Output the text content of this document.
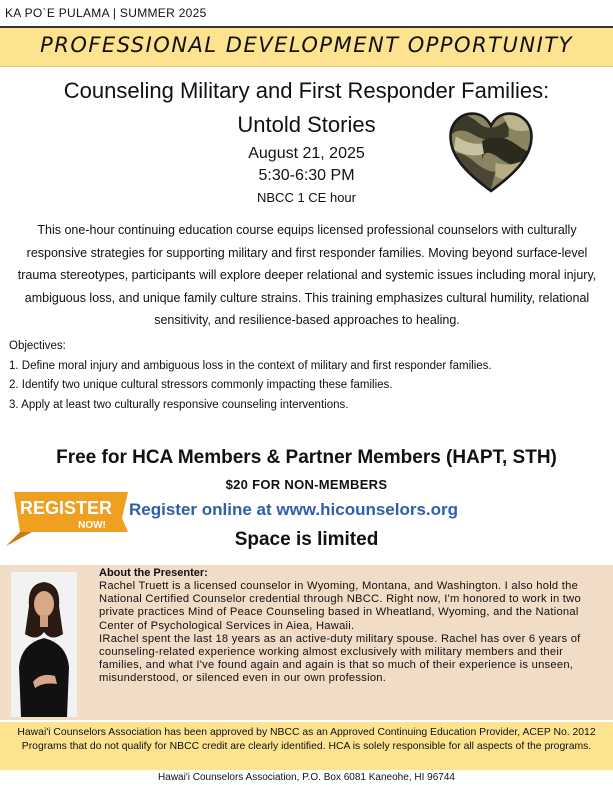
KA PO`E PULAMA | SUMMER 2025
PROFESSIONAL DEVELOPMENT OPPORTUNITY
Counseling Military and First Responder Families:
Untold Stories
August 21, 2025
5:30-6:30 PM
NBCC 1 CE hour
This one-hour continuing education course equips licensed professional counselors with culturally responsive strategies for supporting military and first responder families. Moving beyond surface-level trauma stereotypes, participants will explore deeper relational and systemic issues including moral injury, ambiguous loss, and unique family culture strains. This training emphasizes cultural humility, relational sensitivity, and resilience-based approaches to healing.
Objectives:
1. Define moral injury and ambiguous loss in the context of military and first responder families.
2. Identify two unique cultural stressors commonly impacting these families.
3. Apply at least two culturally responsive counseling interventions.
Free for HCA Members & Partner Members (HAPT, STH)
$20 FOR NON-MEMBERS
REGISTER
NOW!
Register online at www.hicounselors.org
Space is limited
About the Presenter:

Rachel Truett is a licensed counselor in Wyoming, Montana, and Washington. I also hold the National Certified Counselor credential through NBCC. Right now, I'm honored to work in two private practices Mind of Peace Counseling based in Wheatland, Wyoming, and the National Center of Psychological Services in Aiea, Hawaii.

IRachel spent the last 18 years as an active-duty military spouse. Rachel has over 6 years of counseling-related experience working almost exclusively with military members and their families, and what I've found again and again is that so much of their experience is unseen, misunderstood, or silenced even in our own profession.

Hawai'i Counselors Association has been approved by NBCC as an Approved Continuing Education Provider, ACEP No. 2012 Programs that do not qualify for NBCC credit are clearly identified. HCA is solely responsible for all aspects of the programs.
Hawai'i Counselors Association, P.O. Box 6081 Kaneohe, HI 96744
